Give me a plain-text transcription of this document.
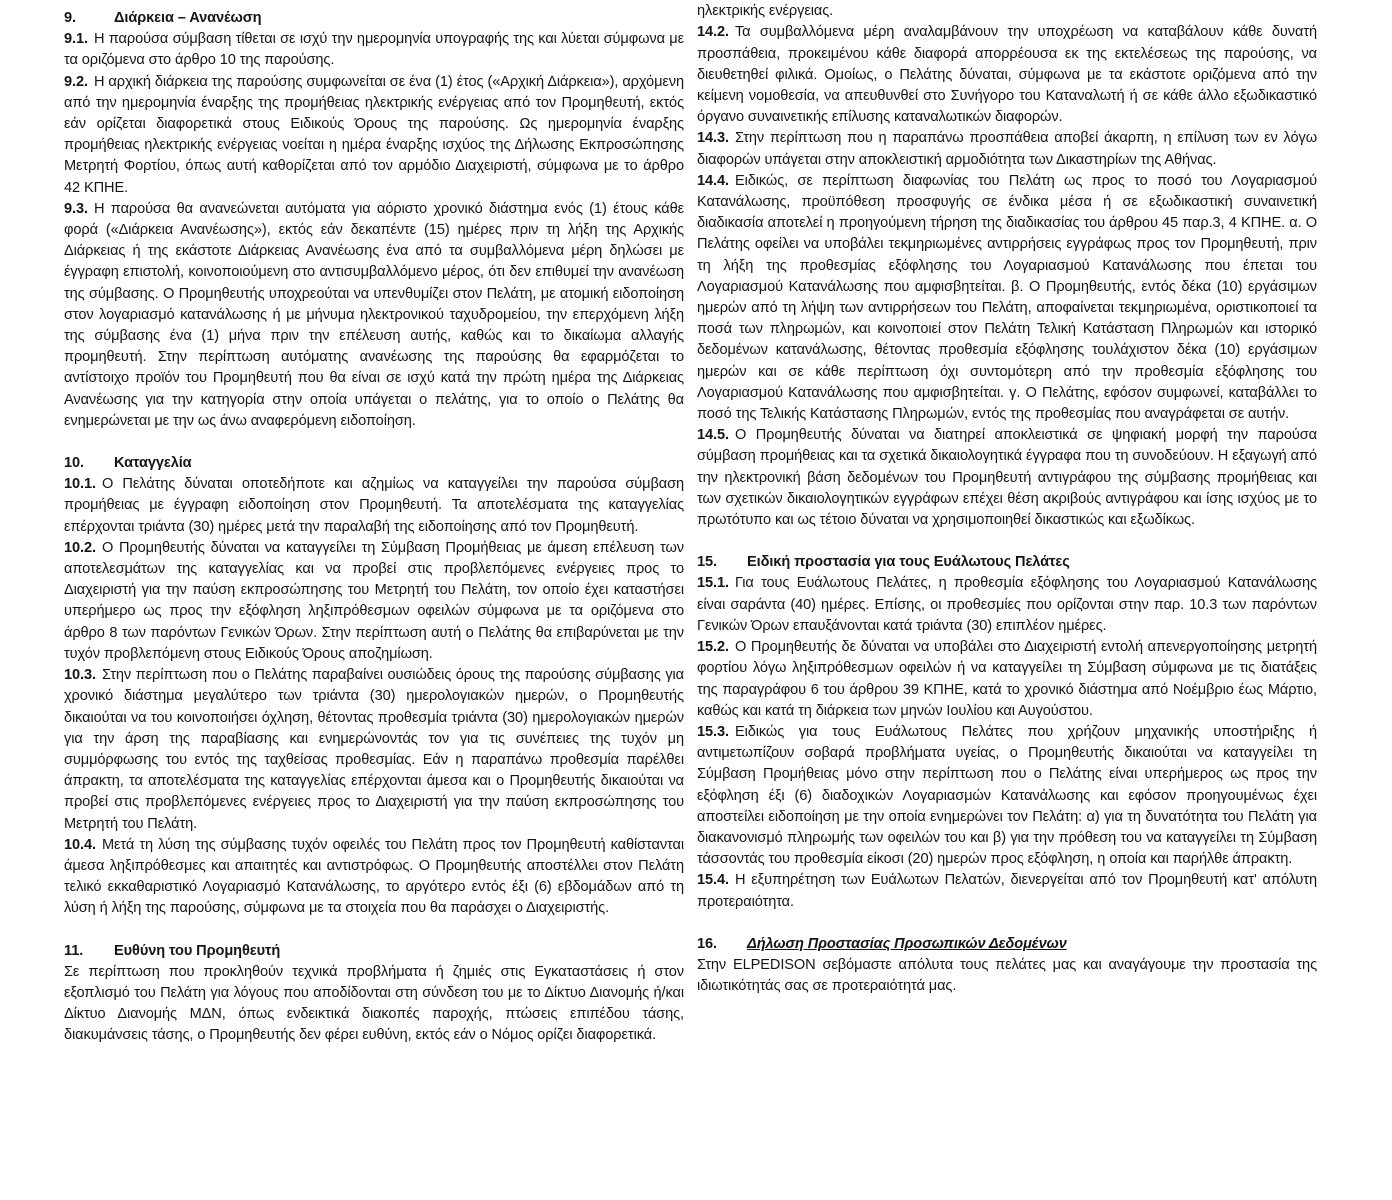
9.	Διάρκεια – Ανανέωση

9.1. Η παρούσα σύμβαση τίθεται σε ισχύ την ημερομηνία υπογραφής της και λύεται σύμφωνα με τα οριζόμενα στο άρθρο 10 της παρούσης.

9.2. Η αρχική διάρκεια της παρούσης συμφωνείται σε ένα (1) έτος («Αρχική Διάρκεια»), αρχόμενη από την ημερομηνία έναρξης της προμήθειας ηλεκτρικής ενέργειας από τον Προμηθευτή, εκτός εάν ορίζεται διαφορετικά στους Ειδικούς Όρους της παρούσης. Ως ημερομηνία έναρξης προμήθειας ηλεκτρικής ενέργειας νοείται η ημέρα έναρξης ισχύος της Δήλωσης Εκπροσώπησης Μετρητή Φορτίου, όπως αυτή καθορίζεται από τον αρμόδιο Διαχειριστή, σύμφωνα με το άρθρο 42 ΚΠΗΕ.

9.3. Η παρούσα θα ανανεώνεται αυτόματα για αόριστο χρονικό διάστημα ενός (1) έτους κάθε φορά («Διάρκεια Ανανέωσης»), εκτός εάν δεκαπέντε (15) ημέρες πριν τη λήξη της Αρχικής Διάρκειας ή της εκάστοτε Διάρκειας Ανανέωσης ένα από τα συμβαλλόμενα μέρη δηλώσει με έγγραφη επιστολή, κοινοποιούμενη στο αντισυμβαλλόμενο μέρος, ότι δεν επιθυμεί την ανανέωση της σύμβασης. Ο Προμηθευτής υποχρεούται να υπενθυμίζει στον Πελάτη, με ατομική ειδοποίηση στον λογαριασμό κατανάλωσης ή με μήνυμα ηλεκτρονικού ταχυδρομείου, την επερχόμενη λήξη της σύμβασης ένα (1) μήνα πριν την επέλευση αυτής, καθώς και το δικαίωμα αλλαγής προμηθευτή. Στην περίπτωση αυτόματης ανανέωσης της παρούσης θα εφαρμόζεται το αντίστοιχο προϊόν του Προμηθευτή που θα είναι σε ισχύ κατά την πρώτη ημέρα της Διάρκειας Ανανέωσης για την κατηγορία στην οποία υπάγεται ο πελάτης, για το οποίο ο Πελάτης θα ενημερώνεται με την ως άνω αναφερόμενη ειδοποίηση.

10. Καταγγελία

10.1. Ο Πελάτης δύναται οποτεδήποτε και αζημίως να καταγγείλει την παρούσα σύμβαση προμήθειας με έγγραφη ειδοποίηση στον Προμηθευτή. Τα αποτελέσματα της καταγγελίας επέρχονται τριάντα (30) ημέρες μετά την παραλαβή της ειδοποίησης από τον Προμηθευτή.

10.2. Ο Προμηθευτής δύναται να καταγγείλει τη Σύμβαση Προμήθειας με άμεση επέλευση των αποτελεσμάτων της καταγγελίας και να προβεί στις προβλεπόμενες ενέργειες προς το Διαχειριστή για την παύση εκπροσώπησης του Μετρητή του Πελάτη, τον οποίο έχει καταστήσει υπερήμερο ως προς την εξόφληση ληξιπρόθεσμων οφειλών σύμφωνα με τα οριζόμενα στο άρθρο 8 των παρόντων Γενικών Όρων. Στην περίπτωση αυτή ο Πελάτης θα επιβαρύνεται με την τυχόν προβλεπόμενη στους Ειδικούς Όρους αποζημίωση.

10.3. Στην περίπτωση που ο Πελάτης παραβαίνει ουσιώδεις όρους της παρούσης σύμβασης για χρονικό διάστημα μεγαλύτερο των τριάντα (30) ημερολογιακών ημερών, ο Προμηθευτής δικαιούται να του κοινοποιήσει όχληση, θέτοντας προθεσμία τριάντα (30) ημερολογιακών ημερών για την άρση της παραβίασης και ενημερώνοντάς τον για τις συνέπειες της τυχόν μη συμμόρφωσης του εντός της ταχθείσας προθεσμίας. Εάν η παραπάνω προθεσμία παρέλθει άπρακτη, τα αποτελέσματα της καταγγελίας επέρχονται άμεσα και ο Προμηθευτής δικαιούται να προβεί στις προβλεπόμενες ενέργειες προς το Διαχειριστή για την παύση εκπροσώπησης του Μετρητή του Πελάτη.

10.4. Μετά τη λύση της σύμβασης τυχόν οφειλές του Πελάτη προς τον Προμηθευτή καθίστανται άμεσα ληξιπρόθεσμες και απαιτητές και αντιστρόφως. Ο Προμηθευτής αποστέλλει στον Πελάτη τελικό εκκαθαριστικό Λογαριασμό Κατανάλωσης, το αργότερο εντός έξι (6) εβδομάδων από τη λύση ή λήξη της παρούσης, σύμφωνα με τα στοιχεία που θα παράσχει ο Διαχειριστής.

11. Ευθύνη του Προμηθευτή

Σε περίπτωση που προκληθούν τεχνικά προβλήματα ή ζημιές στις Εγκαταστάσεις ή στον εξοπλισμό του Πελάτη για λόγους που αποδίδονται στη σύνδεση του με το Δίκτυο Διανομής ή/και Δίκτυο Διανομής ΜΔΝ, όπως ενδεικτικά διακοπές παροχής, πτώσεις επιπέδου τάσης, διακυμάνσεις τάσης, ο Προμηθευτής δεν φέρει ευθύνη, εκτός εάν ο Νόμος ορίζει διαφορετικά.

ηλεκτρικής ενέργειας.

14.2. Τα συμβαλλόμενα μέρη αναλαμβάνουν την υποχρέωση να καταβάλουν κάθε δυνατή προσπάθεια, προκειμένου κάθε διαφορά απορρέουσα εκ της εκτελέσεως της παρούσης, να διευθετηθεί φιλικά. Ομοίως, ο Πελάτης δύναται, σύμφωνα με τα εκάστοτε οριζόμενα από την κείμενη νομοθεσία, να απευθυνθεί στο Συνήγορο του Καταναλωτή ή σε κάθε άλλο εξωδικαστικό όργανο συναινετικής επίλυσης καταναλωτικών διαφορών.

14.3. Στην περίπτωση που η παραπάνω προσπάθεια αποβεί άκαρπη, η επίλυση των εν λόγω διαφορών υπάγεται στην αποκλειστική αρμοδιότητα των Δικαστηρίων της Αθήνας.

14.4. Ειδικώς, σε περίπτωση διαφωνίας του Πελάτη ως προς το ποσό του Λογαριασμού Κατανάλωσης, προϋπόθεση προσφυγής σε ένδικα μέσα ή σε εξωδικαστική συναινετική διαδικασία αποτελεί η προηγούμενη τήρηση της διαδικασίας του άρθρου 45 παρ.3, 4 ΚΠΗΕ. α. Ο Πελάτης οφείλει να υποβάλει τεκμηριωμένες αντιρρήσεις εγγράφως προς τον Προμηθευτή, πριν τη λήξη της προθεσμίας εξόφλησης του Λογαριασμού Κατανάλωσης που έπεται του Λογαριασμού Κατανάλωσης που αμφισβητείται. β. Ο Προμηθευτής, εντός δέκα (10) εργάσιμων ημερών από τη λήψη των αντιρρήσεων του Πελάτη, αποφαίνεται τεκμηριωμένα, οριστικοποιεί τα ποσά των πληρωμών, και κοινοποιεί στον Πελάτη Τελική Κατάσταση Πληρωμών και ιστορικό δεδομένων κατανάλωσης, θέτοντας προθεσμία εξόφλησης τουλάχιστον δέκα (10) εργάσιμων ημερών και σε κάθε περίπτωση όχι συντομότερη από την προθεσμία εξόφλησης του Λογαριασμού Κατανάλωσης που αμφισβητείται. γ. Ο Πελάτης, εφόσον συμφωνεί, καταβάλλει το ποσό της Τελικής Κατάστασης Πληρωμών, εντός της προθεσμίας που αναγράφεται σε αυτήν.

14.5. Ο Προμηθευτής δύναται να διατηρεί αποκλειστικά σε ψηφιακή μορφή την παρούσα σύμβαση προμήθειας και τα σχετικά δικαιολογητικά έγγραφα που τη συνοδεύουν. Η εξαγωγή από την ηλεκτρονική βάση δεδομένων του Προμηθευτή αντιγράφου της σύμβασης προμήθειας και των σχετικών δικαιολογητικών εγγράφων επέχει θέση ακριβούς αντιγράφου και ίσης ισχύος με το πρωτότυπο και ως τέτοιο δύναται να χρησιμοποιηθεί δικαστικώς και εξωδίκως.

15. Ειδική προστασία για τους Ευάλωτους Πελάτες

15.1. Για τους Ευάλωτους Πελάτες, η προθεσμία εξόφλησης του Λογαριασμού Κατανάλωσης είναι σαράντα (40) ημέρες. Επίσης, οι προθεσμίες που ορίζονται στην παρ. 10.3 των παρόντων Γενικών Όρων επαυξάνονται κατά τριάντα (30) επιπλέον ημέρες.

15.2. Ο Προμηθευτής δε δύναται να υποβάλει στο Διαχειριστή εντολή απενεργοποίησης μετρητή φορτίου λόγω ληξιπρόθεσμων οφειλών ή να καταγγείλει τη Σύμβαση σύμφωνα με τις διατάξεις της παραγράφου 6 του άρθρου 39 ΚΠΗΕ, κατά το χρονικό διάστημα από Νοέμβριο έως Μάρτιο, καθώς και κατά τη διάρκεια των μηνών Ιουλίου και Αυγούστου.

15.3. Ειδικώς για τους Ευάλωτους Πελάτες που χρήζουν μηχανικής υποστήριξης ή αντιμετωπίζουν σοβαρά προβλήματα υγείας, ο Προμηθευτής δικαιούται να καταγγείλει τη Σύμβαση Προμήθειας μόνο στην περίπτωση που ο Πελάτης είναι υπερήμερος ως προς την εξόφληση έξι (6) διαδοχικών Λογαριασμών Κατανάλωσης και εφόσον προηγουμένως έχει αποστείλει ειδοποίηση με την οποία ενημερώνει τον Πελάτη: α) για τη δυνατότητα του Πελάτη για διακανονισμό πληρωμής των οφειλών του και β) για την πρόθεση του να καταγγείλει τη Σύμβαση τάσσοντάς του προθεσμία είκοσι (20) ημερών προς εξόφληση, η οποία και παρήλθε άπρακτη.

15.4. Η εξυπηρέτηση των Ευάλωτων Πελατών, διενεργείται από τον Προμηθευτή κατ' απόλυτη προτεραιότητα.

16. Δήλωση Προστασίας Προσωπικών Δεδομένων

Στην ELPEDISON σεβόμαστε απόλυτα τους πελάτες μας και αναγάγουμε την προστασία της ιδιωτικότητάς σας σε προτεραιότητά μας.
